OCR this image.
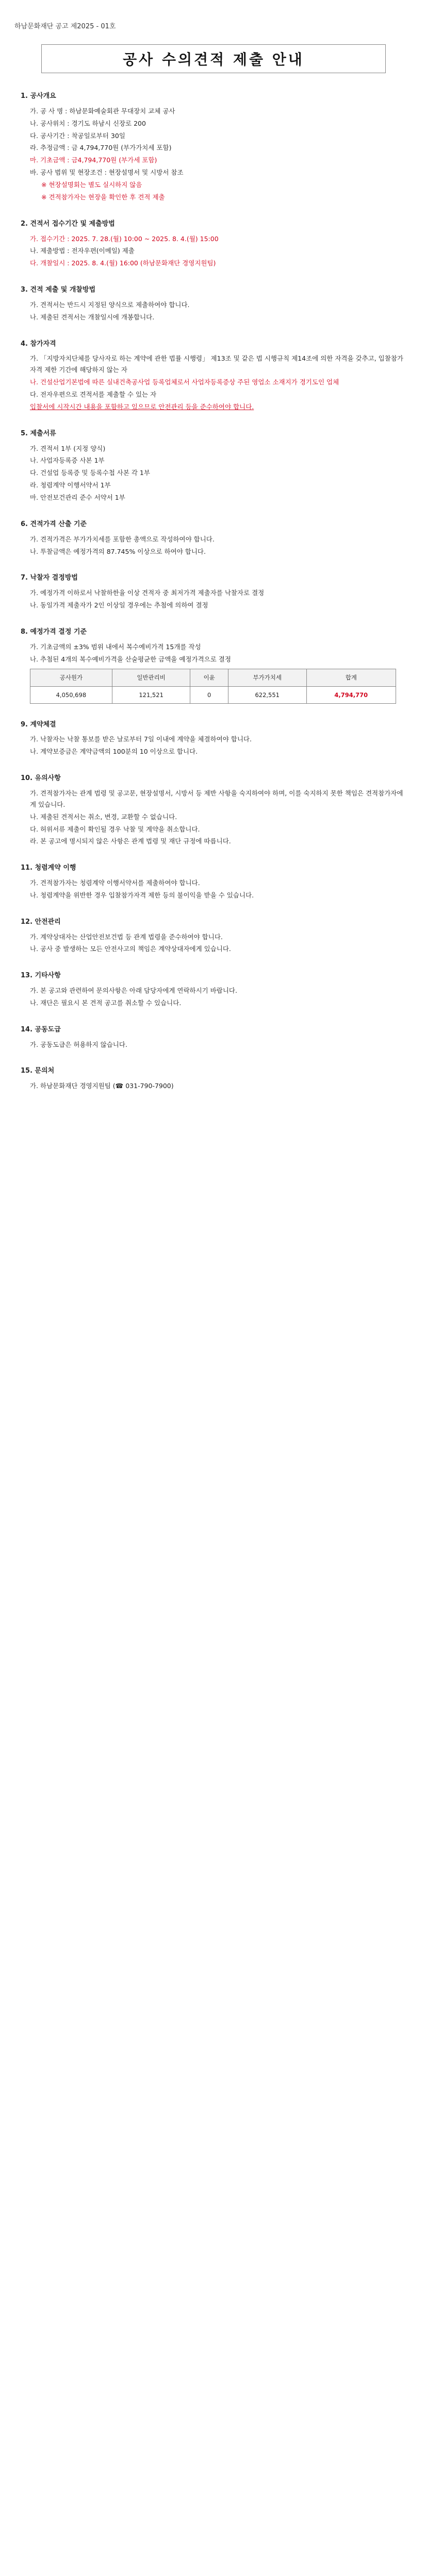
하남문화재단 공고 제2025 - 01호
공사 수의견적 제출 안내
1. 공사개요
가. 공 사 명 : 하남문화예술회관 무대장치 교체 공사
나. 공사위치 : 경기도 하남시 신장로 200
다. 공사기간 : 착공일로부터 30일
라. 추정금액 : 금 4,794,770원 (부가가치세 포함)
마. 기초금액 : 금4,794,770원 (부가세 포함)
바. 공사 범위 및 현장조건 : 현장설명서 및 시방서 참조
※ 현장설명회는 별도 실시하지 않음
※ 견적참가자는 현장을 확인한 후 견적 제출
2. 견적서 접수기간 및 제출방법
가. 접수기간 : 2025. 7. 28.(월) 10:00 ~ 2025. 8. 4.(월) 15:00
나. 제출방법 : 전자우편(이메일) 제출
다. 개찰일시 : 2025. 8. 4.(월) 16:00 (하남문화재단 경영지원팀)
3. 견적 제출 및 개찰방법
가. 견적서는 반드시 지정된 양식으로 제출하여야 합니다.
나. 제출된 견적서는 개찰일시에 개봉합니다.
4. 참가자격
가. 「지방자치단체를 당사자로 하는 계약에 관한 법률 시행령」 제13조 및 같은 법 시행규칙 제14조에 의한 자격을 갖추고, 입찰참가자격 제한 기간에 해당하지 않는 자
나. 건설산업기본법에 따른 실내건축공사업 등록업체로서 사업자등록증상 주된 영업소 소재지가 경기도인 업체
다. 전자우편으로 견적서를 제출할 수 있는 자
입찰서에 시작시간 내용을 포함하고 있으므로 안전관리 등을 준수하여야 합니다.
5. 제출서류
가. 견적서 1부 (지정 양식)
나. 사업자등록증 사본 1부
다. 건설업 등록증 및 등록수첩 사본 각 1부
라. 청렴계약 이행서약서 1부
마. 안전보건관리 준수 서약서 1부
6. 견적가격 산출 기준
가. 견적가격은 부가가치세를 포함한 총액으로 작성하여야 합니다.
나. 투찰금액은 예정가격의 87.745% 이상으로 하여야 합니다.
7. 낙찰자 결정방법
가. 예정가격 이하로서 낙찰하한율 이상 견적자 중 최저가격 제출자를 낙찰자로 결정
나. 동일가격 제출자가 2인 이상일 경우에는 추첨에 의하여 결정
8. 예정가격 결정 기준
가. 기초금액의 ±3% 범위 내에서 복수예비가격 15개를 작성
나. 추첨된 4개의 복수예비가격을 산술평균한 금액을 예정가격으로 결정
공사원가	일반관리비	이윤	부가가치세	합계
4,050,698	121,521	0	622,551	4,794,770
9. 계약체결
가. 낙찰자는 낙찰 통보를 받은 날로부터 7일 이내에 계약을 체결하여야 합니다.
나. 계약보증금은 계약금액의 100분의 10 이상으로 합니다.
10. 유의사항
가. 견적참가자는 관계 법령 및 공고문, 현장설명서, 시방서 등 제반 사항을 숙지하여야 하며, 이를 숙지하지 못한 책임은 견적참가자에게 있습니다.
나. 제출된 견적서는 취소, 변경, 교환할 수 없습니다.
다. 허위서류 제출이 확인될 경우 낙찰 및 계약을 취소합니다.
라. 본 공고에 명시되지 않은 사항은 관계 법령 및 재단 규정에 따릅니다.
11. 청렴계약 이행
가. 견적참가자는 청렴계약 이행서약서를 제출하여야 합니다.
나. 청렴계약을 위반한 경우 입찰참가자격 제한 등의 불이익을 받을 수 있습니다.
12. 안전관리
가. 계약상대자는 산업안전보건법 등 관계 법령을 준수하여야 합니다.
나. 공사 중 발생하는 모든 안전사고의 책임은 계약상대자에게 있습니다.
13. 기타사항
가. 본 공고와 관련하여 문의사항은 아래 담당자에게 연락하시기 바랍니다.
나. 재단은 필요시 본 견적 공고를 취소할 수 있습니다.
14. 공동도급
가. 공동도급은 허용하지 않습니다.
15. 문의처
가. 하남문화재단 경영지원팀 (☎ 031-790-7900)
